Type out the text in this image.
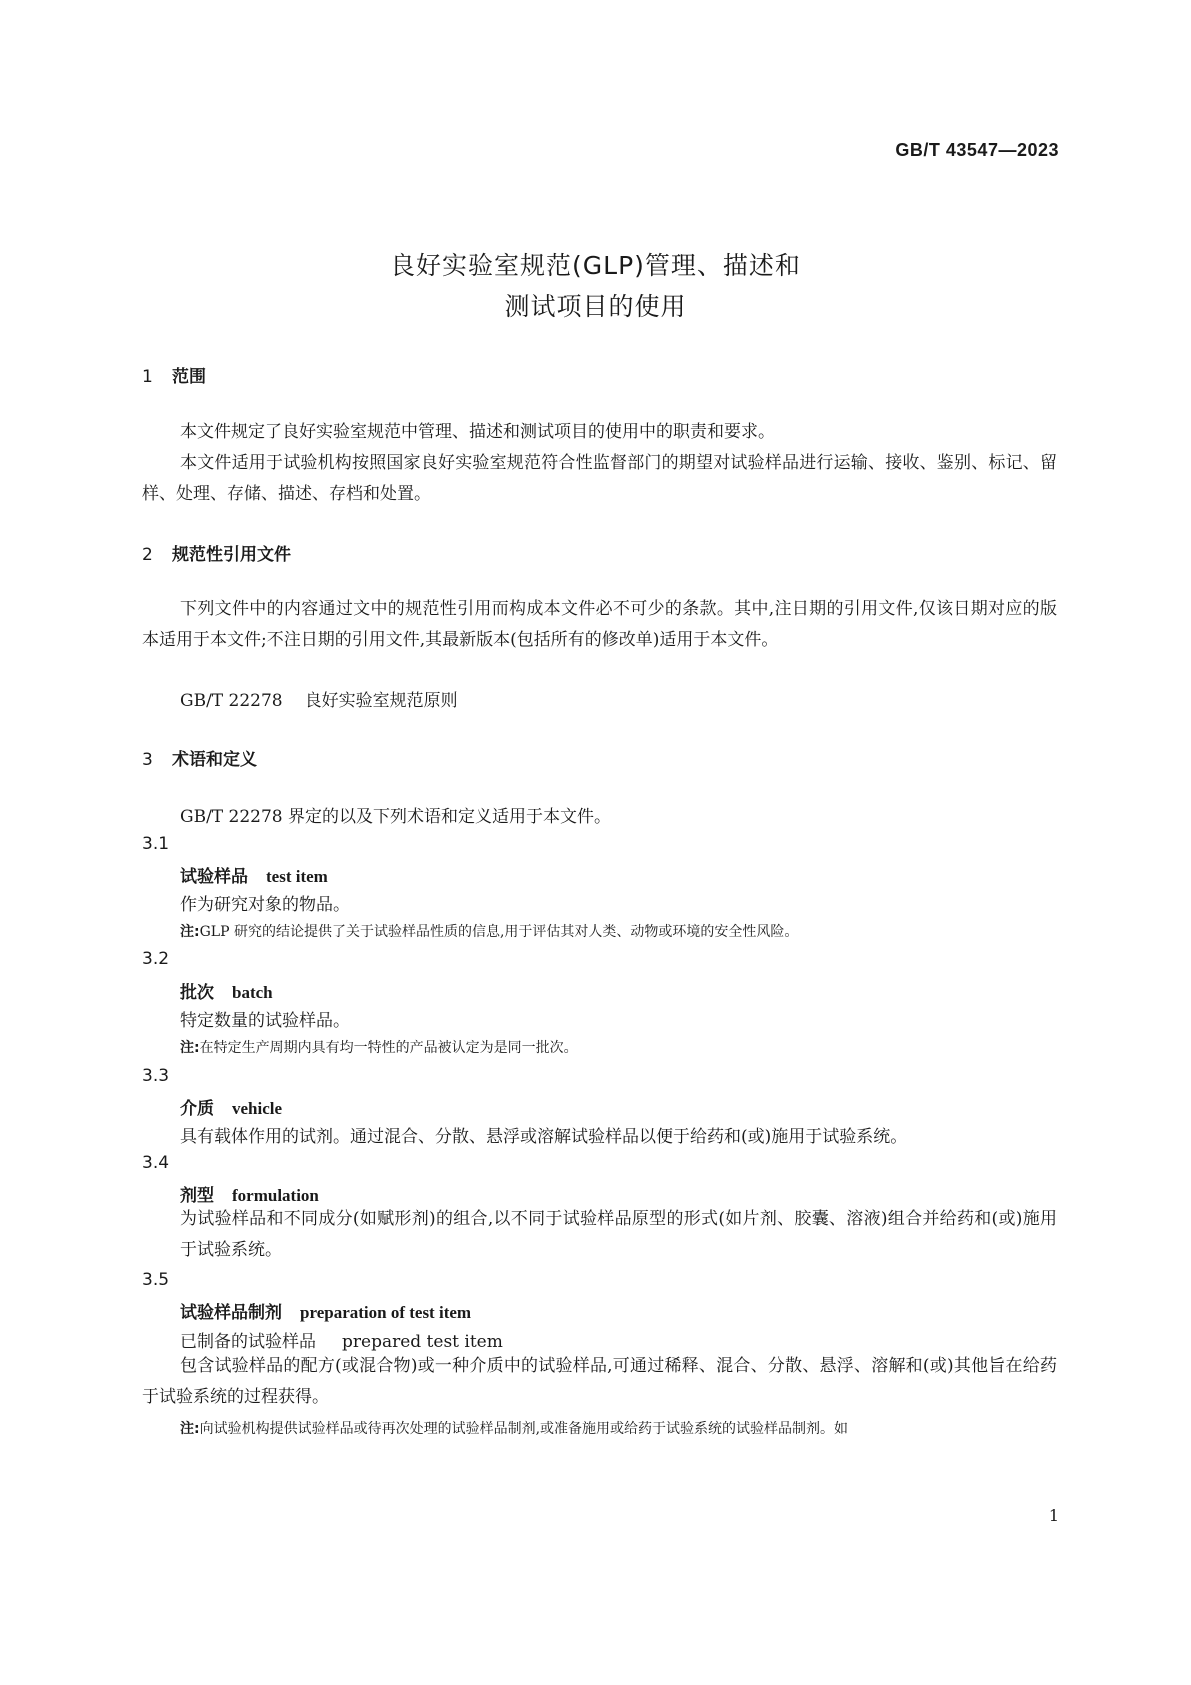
GB/T 43547—2023
良好实验室规范(GLP)管理、描述和
测试项目的使用
1 范围
本文件规定了良好实验室规范中管理、描述和测试项目的使用中的职责和要求。
本文件适用于试验机构按照国家良好实验室规范符合性监督部门的期望对试验样品进行运输、接收、鉴别、标记、留样、处理、存储、描述、存档和处置。
2 规范性引用文件
下列文件中的内容通过文中的规范性引用而构成本文件必不可少的条款。其中,注日期的引用文件,仅该日期对应的版本适用于本文件;不注日期的引用文件,其最新版本(包括所有的修改单)适用于本文件。
GB/T 22278 良好实验室规范原则
3 术语和定义
GB/T 22278 界定的以及下列术语和定义适用于本文件。
3.1
试验样品 test item
作为研究对象的物品。
注:GLP 研究的结论提供了关于试验样品性质的信息,用于评估其对人类、动物或环境的安全性风险。
3.2
批次 batch
特定数量的试验样品。
注:在特定生产周期内具有均一特性的产品被认定为是同一批次。
3.3
介质 vehicle
具有载体作用的试剂。通过混合、分散、悬浮或溶解试验样品以便于给药和(或)施用于试验系统。
3.4
剂型 formulation
为试验样品和不同成分(如赋形剂)的组合,以不同于试验样品原型的形式(如片剂、胶囊、溶液)组合并给药和(或)施用于试验系统。
3.5
试验样品制剂 preparation of test item
已制备的试验样品 prepared test item
包含试验样品的配方(或混合物)或一种介质中的试验样品,可通过稀释、混合、分散、悬浮、溶解和(或)其他旨在给药于试验系统的过程获得。
注:向试验机构提供试验样品或待再次处理的试验样品制剂,或准备施用或给药于试验系统的试验样品制剂。如
1
